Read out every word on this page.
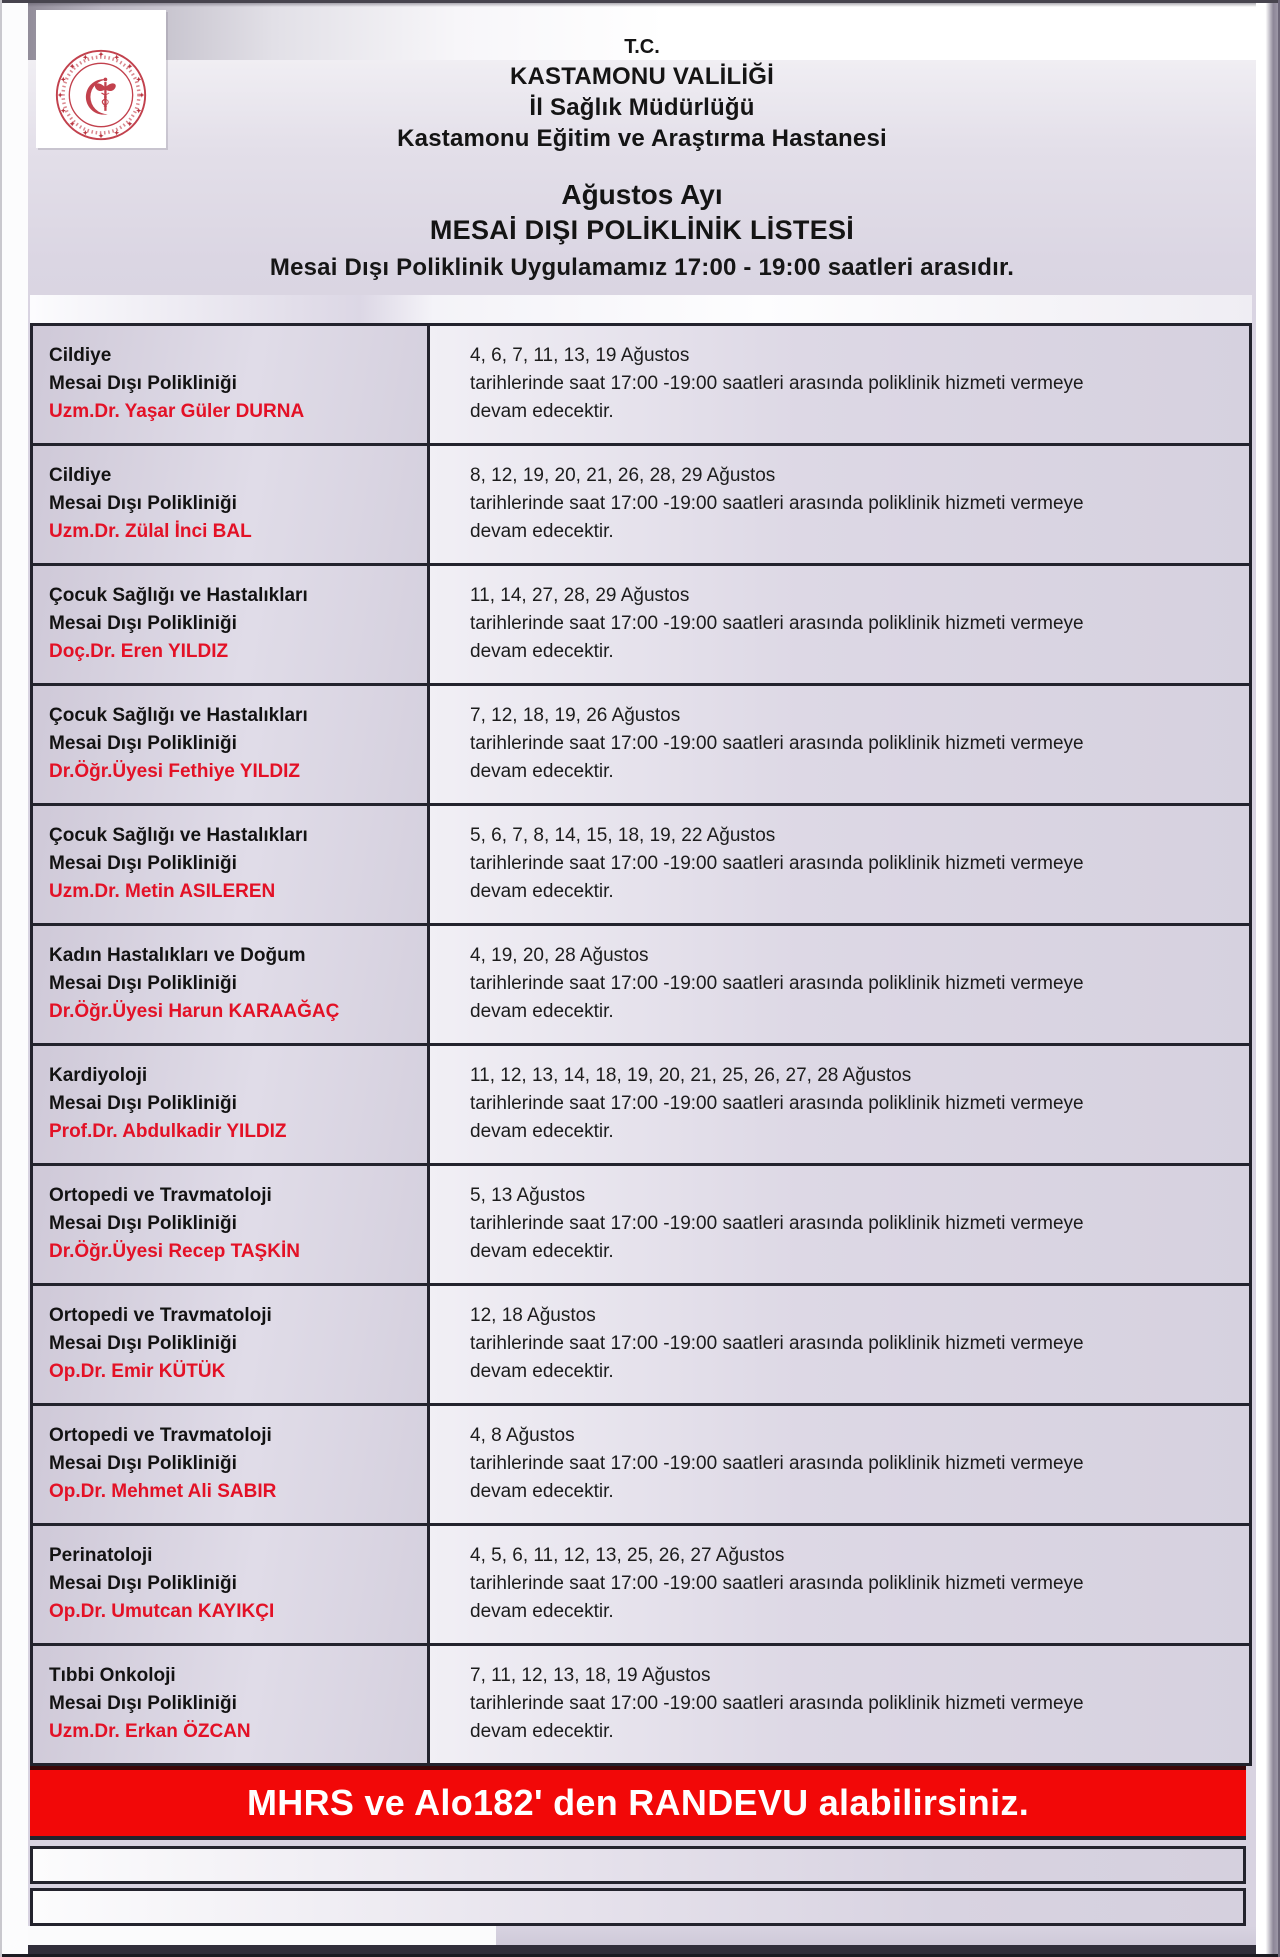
T.C.
KASTAMONU VALİLİĞİ
İl Sağlık Müdürlüğü
Kastamonu Eğitim ve Araştırma Hastanesi
Ağustos Ayı
MESAİ DIŞI POLİKLİNİK LİSTESİ
Mesai Dışı Poliklinik Uygulamamız 17:00 - 19:00 saatleri arasıdır.
Cildiye
Mesai Dışı Polikliniği
Uzm.Dr. Yaşar Güler DURNA
4, 6, 7, 11, 13, 19 Ağustos
tarihlerinde saat 17:00 -19:00 saatleri arasında poliklinik hizmeti vermeye
devam edecektir.
Cildiye
Mesai Dışı Polikliniği
Uzm.Dr. Zülal İnci BAL
8, 12, 19, 20, 21, 26, 28, 29 Ağustos
tarihlerinde saat 17:00 -19:00 saatleri arasında poliklinik hizmeti vermeye
devam edecektir.
Çocuk Sağlığı ve Hastalıkları
Mesai Dışı Polikliniği
Doç.Dr. Eren YILDIZ
11, 14, 27, 28, 29 Ağustos
tarihlerinde saat 17:00 -19:00 saatleri arasında poliklinik hizmeti vermeye
devam edecektir.
Çocuk Sağlığı ve Hastalıkları
Mesai Dışı Polikliniği
Dr.Öğr.Üyesi Fethiye YILDIZ
7, 12, 18, 19, 26 Ağustos
tarihlerinde saat 17:00 -19:00 saatleri arasında poliklinik hizmeti vermeye
devam edecektir.
Çocuk Sağlığı ve Hastalıkları
Mesai Dışı Polikliniği
Uzm.Dr. Metin ASILEREN
5, 6, 7, 8, 14, 15, 18, 19, 22 Ağustos
tarihlerinde saat 17:00 -19:00 saatleri arasında poliklinik hizmeti vermeye
devam edecektir.
Kadın Hastalıkları ve Doğum
Mesai Dışı Polikliniği
Dr.Öğr.Üyesi Harun KARAAĞAÇ
4, 19, 20, 28 Ağustos
tarihlerinde saat 17:00 -19:00 saatleri arasında poliklinik hizmeti vermeye
devam edecektir.
Kardiyoloji
Mesai Dışı Polikliniği
Prof.Dr. Abdulkadir YILDIZ
11, 12, 13, 14, 18, 19, 20, 21, 25, 26, 27, 28 Ağustos
tarihlerinde saat 17:00 -19:00 saatleri arasında poliklinik hizmeti vermeye
devam edecektir.
Ortopedi ve Travmatoloji
Mesai Dışı Polikliniği
Dr.Öğr.Üyesi Recep TAŞKİN
5, 13 Ağustos
tarihlerinde saat 17:00 -19:00 saatleri arasında poliklinik hizmeti vermeye
devam edecektir.
Ortopedi ve Travmatoloji
Mesai Dışı Polikliniği
Op.Dr. Emir KÜTÜK
12, 18 Ağustos
tarihlerinde saat 17:00 -19:00 saatleri arasında poliklinik hizmeti vermeye
devam edecektir.
Ortopedi ve Travmatoloji
Mesai Dışı Polikliniği
Op.Dr. Mehmet Ali SABIR
4, 8 Ağustos
tarihlerinde saat 17:00 -19:00 saatleri arasında poliklinik hizmeti vermeye
devam edecektir.
Perinatoloji
Mesai Dışı Polikliniği
Op.Dr. Umutcan KAYIKÇI
4, 5, 6, 11, 12, 13, 25, 26, 27 Ağustos
tarihlerinde saat 17:00 -19:00 saatleri arasında poliklinik hizmeti vermeye
devam edecektir.
Tıbbi Onkoloji
Mesai Dışı Polikliniği
Uzm.Dr. Erkan ÖZCAN
7, 11, 12, 13, 18, 19 Ağustos
tarihlerinde saat 17:00 -19:00 saatleri arasında poliklinik hizmeti vermeye
devam edecektir.
MHRS ve Alo182' den RANDEVU alabilirsiniz.
